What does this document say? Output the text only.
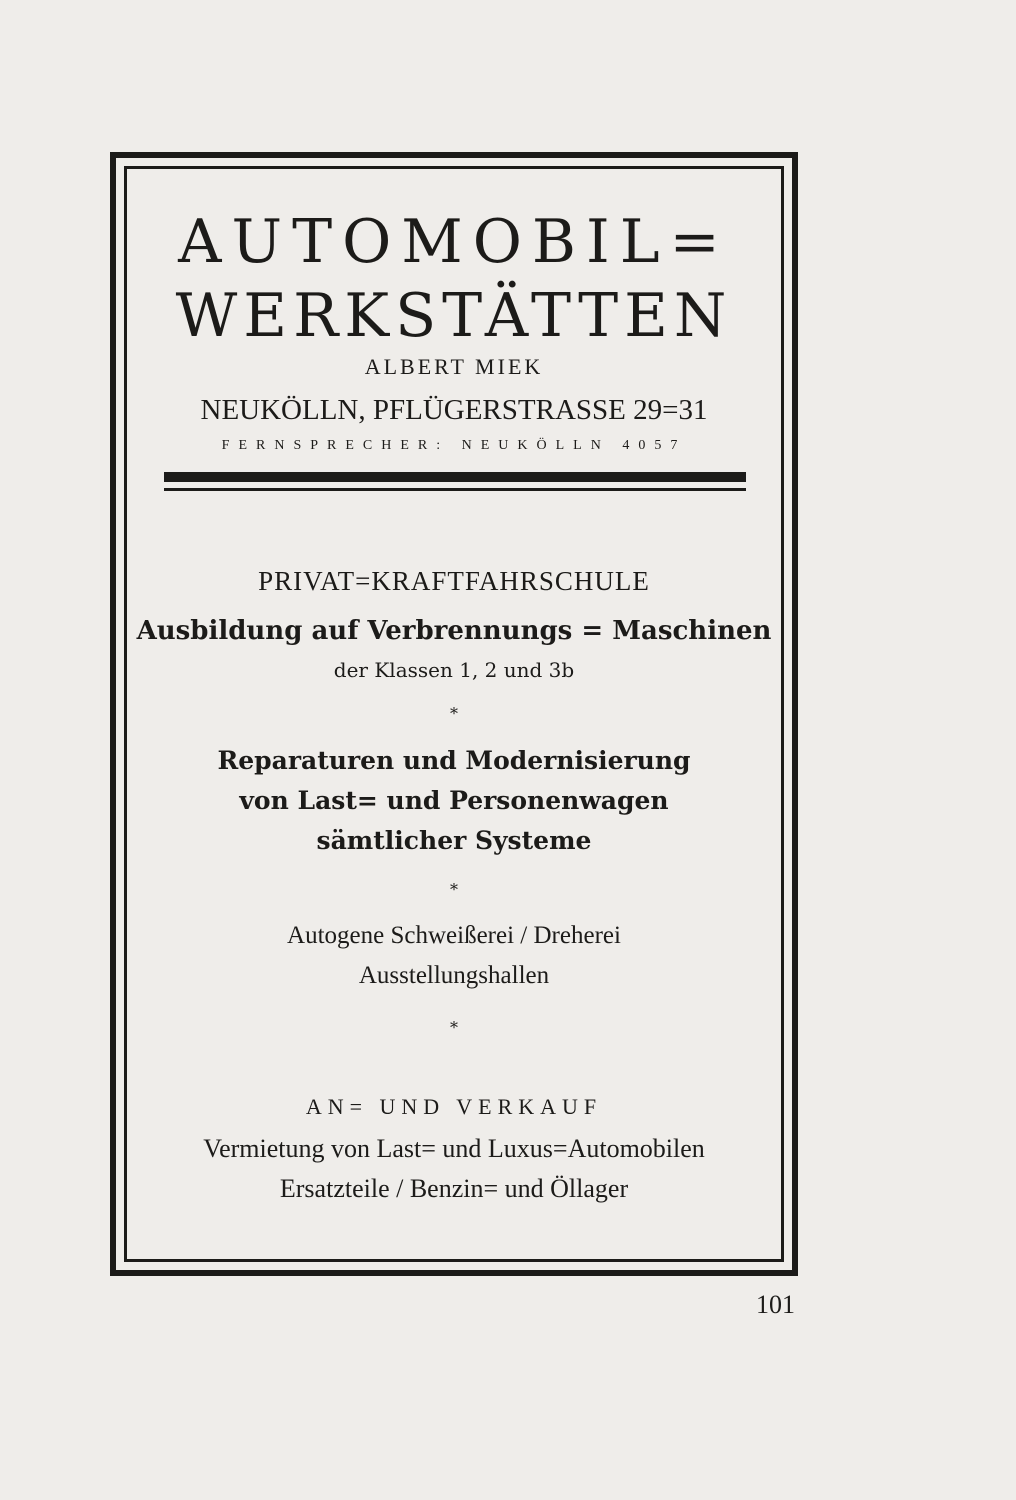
AUTOMOBIL=
WERKSTÄTTEN
ALBERT MIEK
NEUKÖLLN, PFLÜGERSTRASSE 29=31
FERNSPRECHER: NEUKÖLLN 4057
PRIVAT=KRAFTFAHRSCHULE
Ausbildung auf Verbrennungs = Maschinen
der Klassen 1, 2 und 3b
*
Reparaturen und Modernisierung
von Last= und Personenwagen
sämtlicher Systeme
*
Autogene Schweißerei / Dreherei
Ausstellungshallen
*
AN= UND VERKAUF
Vermietung von Last= und Luxus=Automobilen
Ersatzteile / Benzin= und Öllager
101
